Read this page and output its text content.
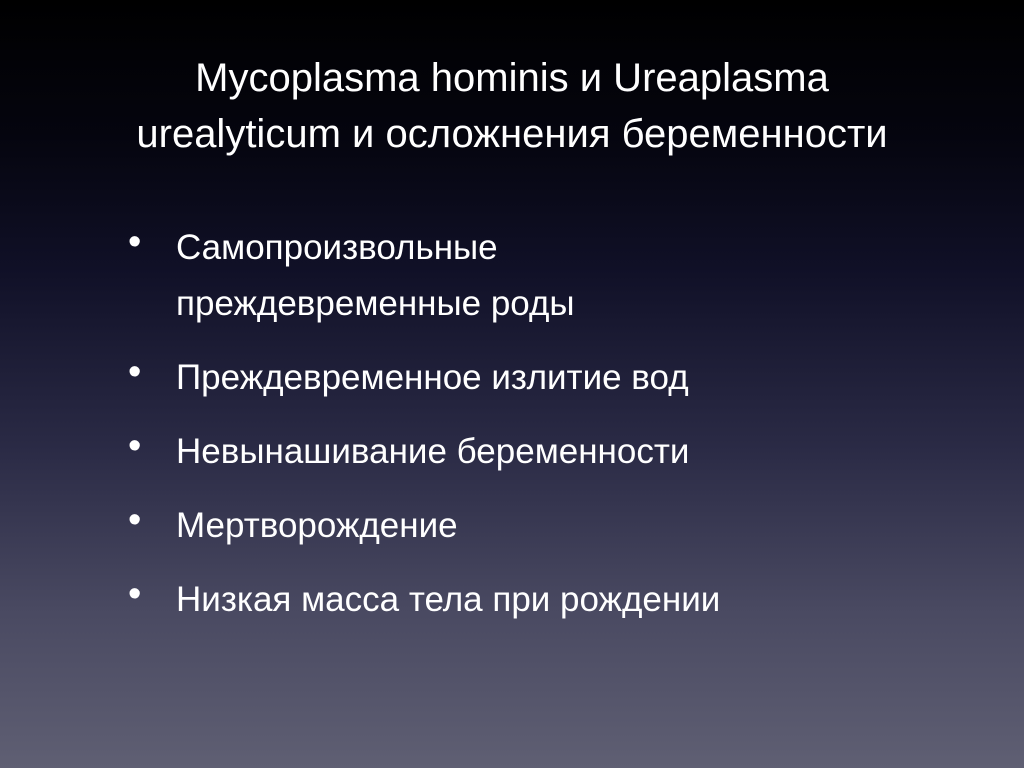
Mycoplasma hominis и Ureaplasma urealyticum и осложнения беременности
• Самопроизвольные преждевременные роды
• Преждевременное излитие вод
• Невынашивание беременности
• Мертворождение
• Низкая масса тела при рождении
